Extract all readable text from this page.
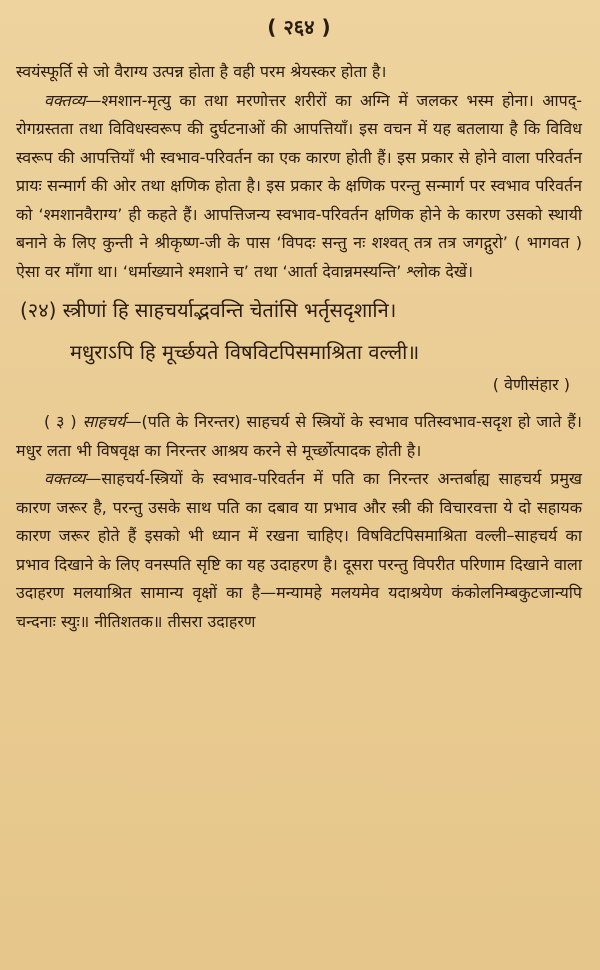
( २६४ )

स्वयंस्फूर्ति से जो वैराग्य उत्पन्न होता है वही परम श्रेयस्कर होता है।

वक्तव्य—श्मशान-मृत्यु का तथा मरणोत्तर शरीरों का अग्नि में जलकर भस्म होना। आपद्-रोगग्रस्तता तथा विविधस्वरूप की दुर्घटनाओं की आपत्तियाँ। इस वचन में यह बतलाया है कि विविध स्वरूप की आपत्तियाँ भी स्वभाव-परिवर्तन का एक कारण होती हैं। इस प्रकार से होने वाला परिवर्तन प्रायः सन्मार्ग की ओर तथा क्षणिक होता है। इस प्रकार के क्षणिक परन्तु सन्मार्ग पर स्वभाव परिवर्तन को ‘श्मशानवैराग्य’ ही कहते हैं। आपत्तिजन्य स्वभाव-परिवर्तन क्षणिक होने के कारण उसको स्थायी बनाने के लिए कुन्ती ने श्रीकृष्ण-जी के पास ‘विपदः सन्तु नः शश्वत् तत्र तत्र जगद्गुरो’ ( भागवत ) ऐसा वर माँगा था। ‘धर्माख्याने श्मशाने च’ तथा ‘आर्ता देवान्नमस्यन्ति’ श्लोक देखें।

(२४) स्त्रीणां हि साहचर्याद्भवन्ति चेतांसि भर्तृसदृशानि।
मधुराऽपि हि मूर्च्छयते विषविटपिसमाश्रिता वल्ली॥
( वेणीसंहार )

( ३ ) साहचर्य—(पति के निरन्तर) साहचर्य से स्त्रियों के स्वभाव पतिस्वभाव-सदृश हो जाते हैं। मधुर लता भी विषवृक्ष का निरन्तर आश्रय करने से मूर्च्छोत्पादक होती है।

वक्तव्य—साहचर्य-स्त्रियों के स्वभाव-परिवर्तन में पति का निरन्तर अन्तर्बाह्य साहचर्य प्रमुख कारण जरूर है, परन्तु उसके साथ पति का दबाव या प्रभाव और स्त्री की विचारवत्ता ये दो सहायक कारण जरूर होते हैं इसको भी ध्यान में रखना चाहिए। विषविटपिसमाश्रिता वल्ली–साहचर्य का प्रभाव दिखाने के लिए वनस्पति सृष्टि का यह उदाहरण है। दूसरा परन्तु विपरीत परिणाम दिखाने वाला उदाहरण मलयाश्रित सामान्य वृक्षों का है—मन्यामहे मलयमेव यदाश्रयेण कंकोलनिम्बकुटजान्यपि चन्दनाः स्युः॥ नीतिशतक॥ तीसरा उदाहरण
